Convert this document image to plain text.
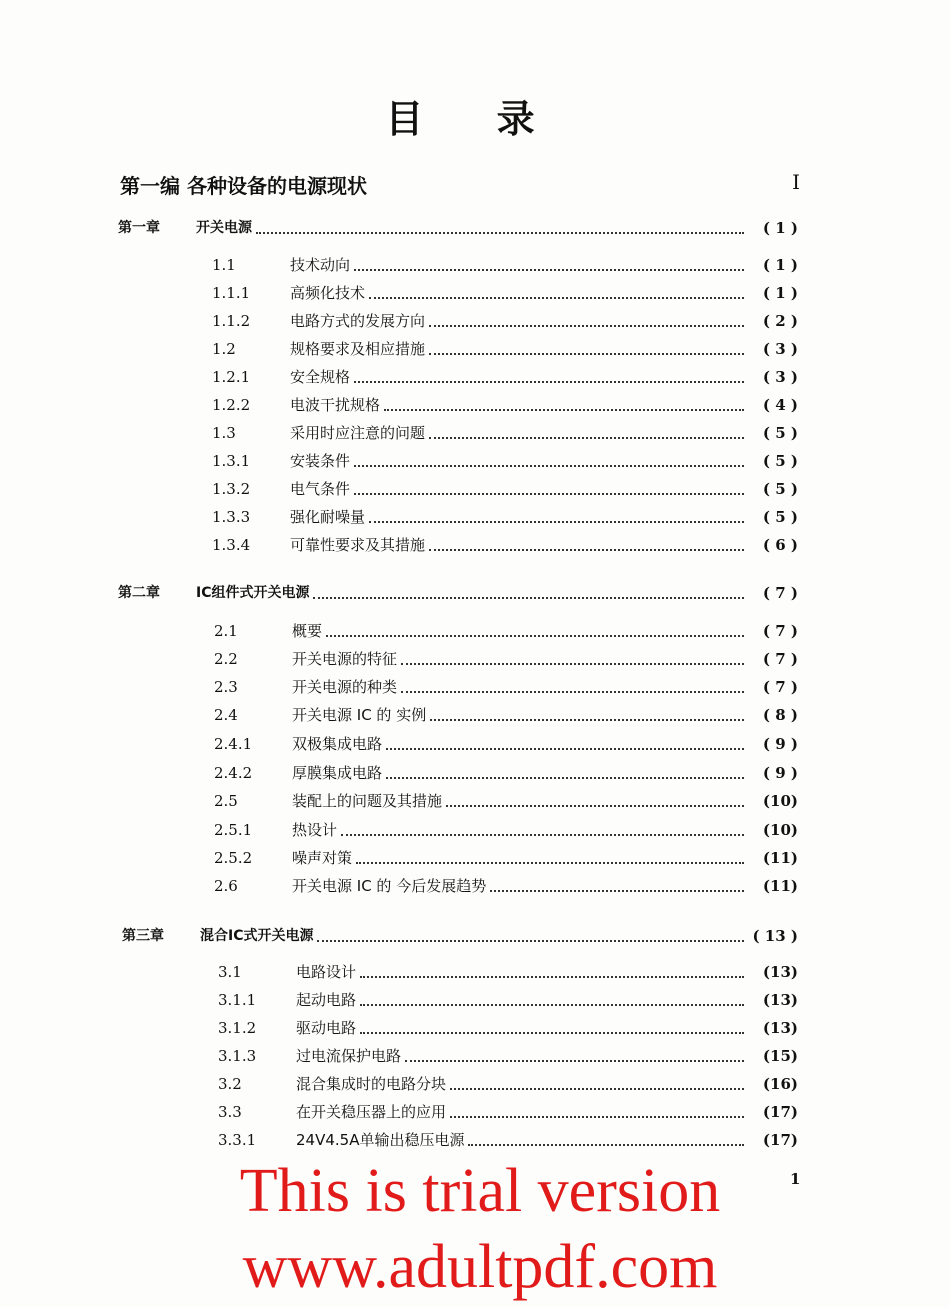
目 录
第一编 各种设备的电源现状	I
第一章	开关电源	( 1 )
1.1	技术动向	( 1 )
1.1.1	高频化技术	( 1 )
1.1.2	电路方式的发展方向	( 2 )
1.2	规格要求及相应措施	( 3 )
1.2.1	安全规格	( 3 )
1.2.2	电波干扰规格	( 4 )
1.3	采用时应注意的问题	( 5 )
1.3.1	安装条件	( 5 )
1.3.2	电气条件	( 5 )
1.3.3	强化耐噪量	( 5 )
1.3.4	可靠性要求及其措施	( 6 )
第二章	IC组件式开关电源	( 7 )
2.1	概要	( 7 )
2.2	开关电源的特征	( 7 )
2.3	开关电源的种类	( 7 )
2.4	开关电源 IC 的 实例	( 8 )
2.4.1	双极集成电路	( 9 )
2.4.2	厚膜集成电路	( 9 )
2.5	装配上的问题及其措施	(10)
2.5.1	热设计	(10)
2.5.2	噪声对策	(11)
2.6	开关电源 IC 的 今后发展趋势	(11)
第三章	混合IC式开关电源	( 13 )
3.1	电路设计	(13)
3.1.1	起动电路	(13)
3.1.2	驱动电路	(13)
3.1.3	过电流保护电路	(15)
3.2	混合集成时的电路分块	(16)
3.3	在开关稳压器上的应用	(17)
3.3.1	24V4.5A单输出稳压电源	(17)
1
This is trial version
www.adultpdf.com
